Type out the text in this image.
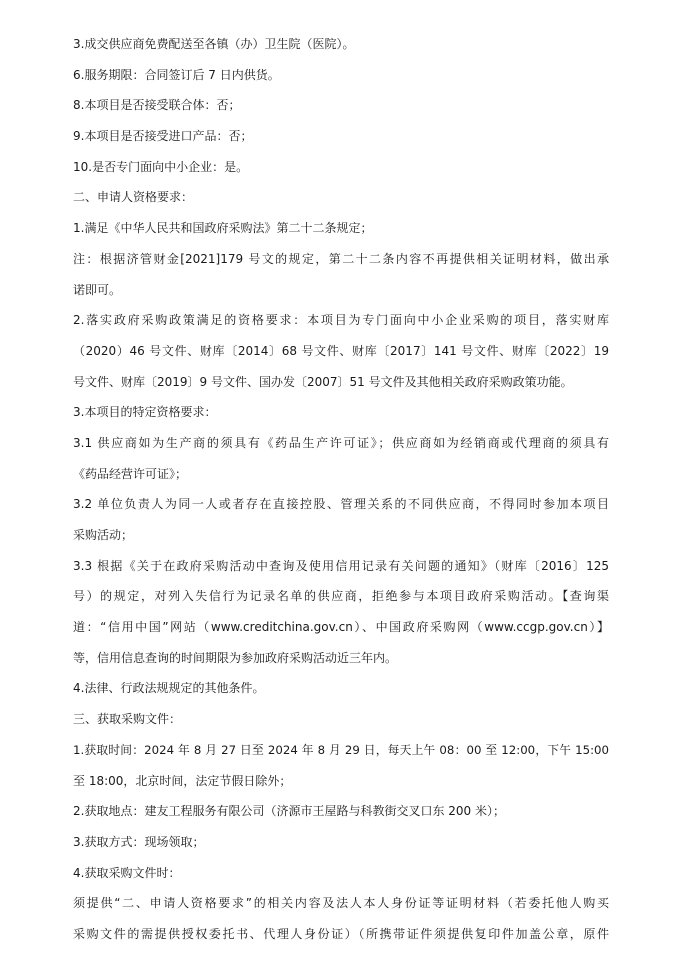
3.成交供应商免费配送至各镇（办）卫生院（医院）。
6.服务期限：合同签订后 7 日内供货。
8.本项目是否接受联合体：否；
9.本项目是否接受进口产品：否；
10.是否专门面向中小企业：是。
二、申请人资格要求：
1.满足《中华人民共和国政府采购法》第二十二条规定；
注：根据济管财金[2021]179 号文的规定，第二十二条内容不再提供相关证明材料，做出承
诺即可。
2.落实政府采购政策满足的资格要求：本项目为专门面向中小企业采购的项目，落实财库
（2020）46 号文件、财库〔2014〕68 号文件、财库〔2017〕141 号文件、财库〔2022〕19
号文件、财库〔2019〕9 号文件、国办发〔2007〕51 号文件及其他相关政府采购政策功能。
3.本项目的特定资格要求：
3.1 供应商如为生产商的须具有《药品生产许可证》；供应商如为经销商或代理商的须具有
《药品经营许可证》；
3.2 单位负责人为同一人或者存在直接控股、管理关系的不同供应商，不得同时参加本项目
采购活动；
3.3 根据《关于在政府采购活动中查询及使用信用记录有关问题的通知》（财库〔2016〕125
号）的规定，对列入失信行为记录名单的供应商，拒绝参与本项目政府采购活动。【查询渠
道：“信用中国”网站（www.creditchina.gov.cn）、中国政府采购网（www.ccgp.gov.cn）】
等，信用信息查询的时间期限为参加政府采购活动近三年内。
4.法律、行政法规规定的其他条件。
三、获取采购文件：
1.获取时间：2024 年 8 月 27 日至 2024 年 8 月 29 日，每天上午 08：00 至 12:00，下午 15:00
至 18:00，北京时间，法定节假日除外；
2.获取地点：建友工程服务有限公司（济源市王屋路与科教街交叉口东 200 米）；
3.获取方式：现场领取；
4.获取采购文件时：
须提供“二、申请人资格要求”的相关内容及法人本人身份证等证明材料（若委托他人购买
采购文件的需提供授权委托书、代理人身份证）（所携带证件须提供复印件加盖公章，原件
